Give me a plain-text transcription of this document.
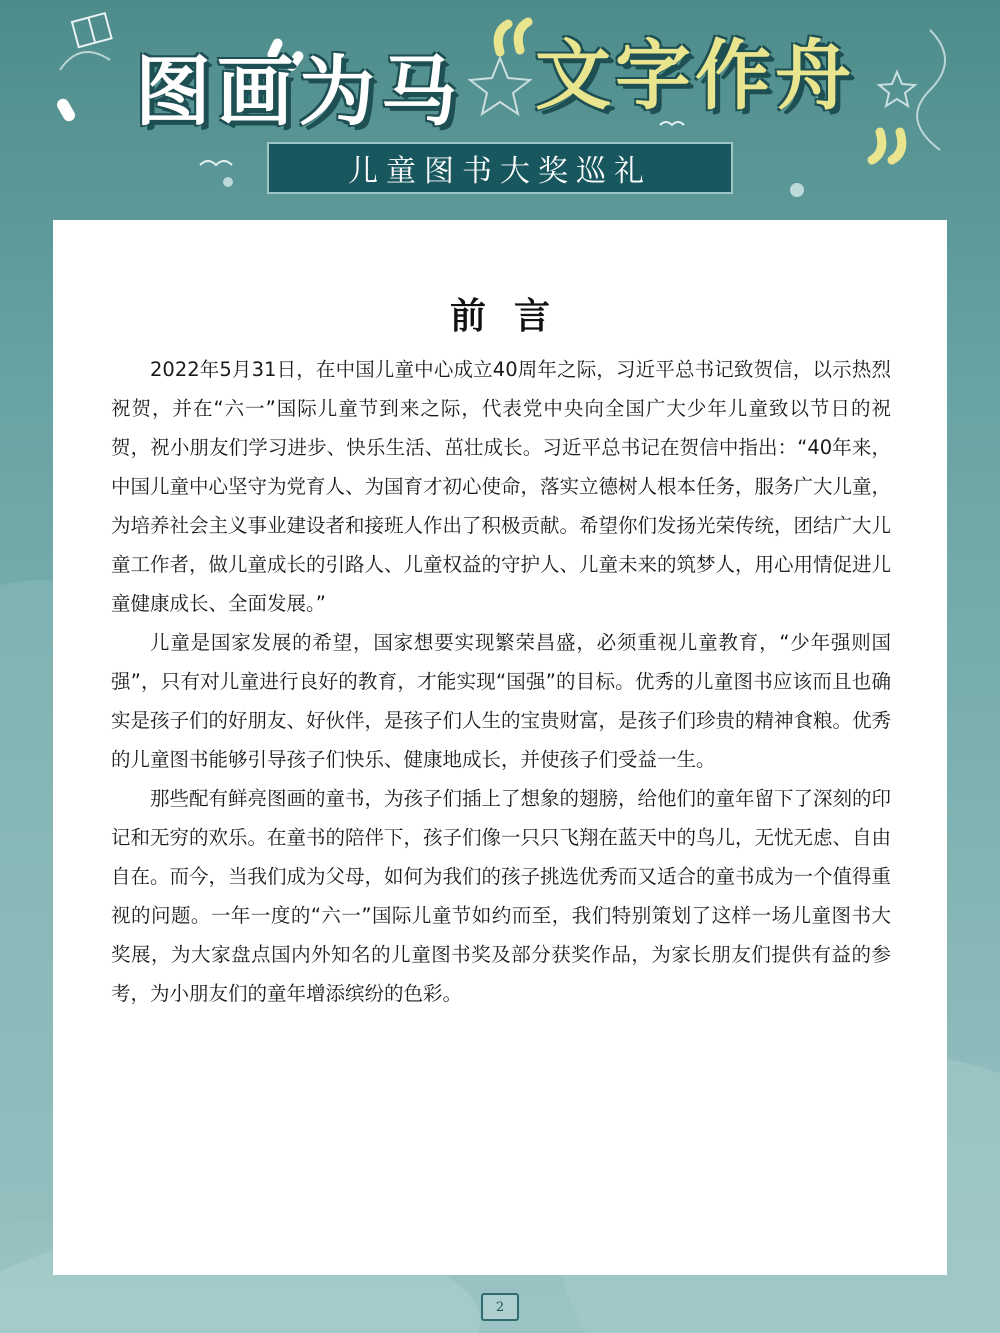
图画为马 文字作舟
儿童图书大奖巡礼
前言

2022年5月31日，在中国儿童中心成立40周年之际，习近平总书记致贺信，以示热烈祝贺，并在“六一”国际儿童节到来之际，代表党中央向全国广大少年儿童致以节日的祝贺，祝小朋友们学习进步、快乐生活、茁壮成长。习近平总书记在贺信中指出：“40年来，中国儿童中心坚守为党育人、为国育才初心使命，落实立德树人根本任务，服务广大儿童，为培养社会主义事业建设者和接班人作出了积极贡献。希望你们发扬光荣传统，团结广大儿童工作者，做儿童成长的引路人、儿童权益的守护人、儿童未来的筑梦人，用心用情促进儿童健康成长、全面发展。”

儿童是国家发展的希望，国家想要实现繁荣昌盛，必须重视儿童教育，“少年强则国强”，只有对儿童进行良好的教育，才能实现“国强”的目标。优秀的儿童图书应该而且也确实是孩子们的好朋友、好伙伴，是孩子们人生的宝贵财富，是孩子们珍贵的精神食粮。优秀的儿童图书能够引导孩子们快乐、健康地成长，并使孩子们受益一生。

那些配有鲜亮图画的童书，为孩子们插上了想象的翅膀，给他们的童年留下了深刻的印记和无穷的欢乐。在童书的陪伴下，孩子们像一只只飞翔在蓝天中的鸟儿，无忧无虑、自由自在。而今，当我们成为父母，如何为我们的孩子挑选优秀而又适合的童书成为一个值得重视的问题。一年一度的“六一”国际儿童节如约而至，我们特别策划了这样一场儿童图书大奖展，为大家盘点国内外知名的儿童图书奖及部分获奖作品，为家长朋友们提供有益的参考，为小朋友们的童年增添缤纷的色彩。

2
